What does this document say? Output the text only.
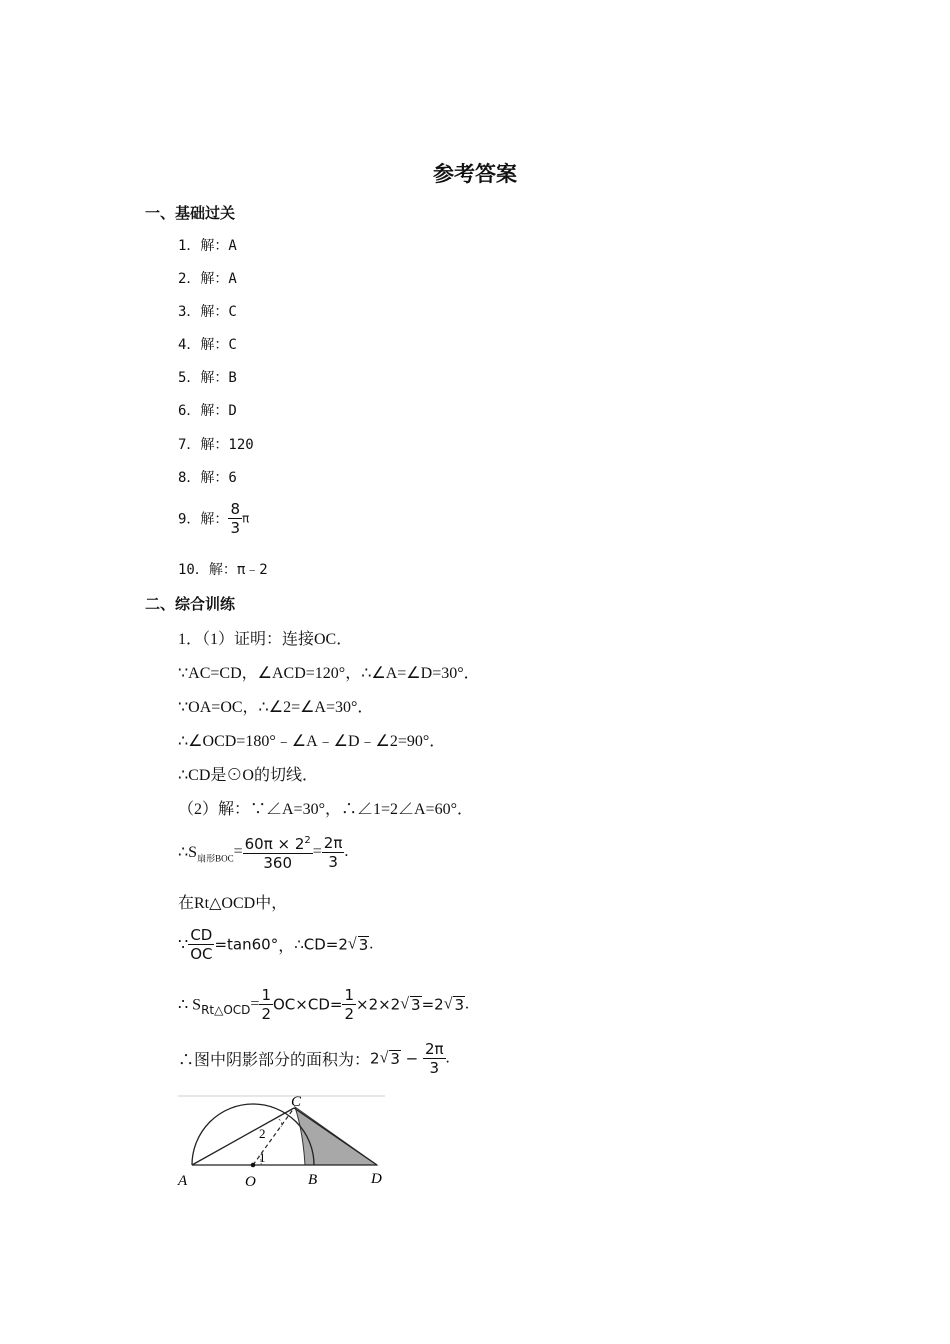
参考答案
一、基础过关
1．解：A
2．解：A
3．解：C
4．解：C
5．解：B
6．解：D
7．解：120
8．解：6
9．解： $\frac{8}{3}$ π
10．解：π﹣2
二、综合训练
1．（1）证明：连接OC．
∵AC=CD，∠ACD=120°，∴∠A=∠D=30°．
∵OA=OC，∴∠2=∠A=30°．
∴∠OCD=180°﹣∠A﹣∠D﹣∠2=90°．
∴CD是⊙O的切线．
（2）解：∵∠A=30°，∴∠1=2∠A=60°．
$\therefore S_{扇形BOC}= \frac{60\pi \times 2^2}{360} = \frac{2\pi}{3}$ .
在Rt△OCD中，
∵ $\frac{CD}{OC} =\tan 60^\circ$，∴CD=2√ 3.
∴ $S_{Rt\triangle OCD}= \frac{1}{2} OC\times CD= \frac{1}{2} \times 2\times 2√$ 3=2√ 3.
∴图中阴影部分的面积为：2√ $3 - \frac{2\pi}{3}$ .
A	O	B
C
D
1
2
